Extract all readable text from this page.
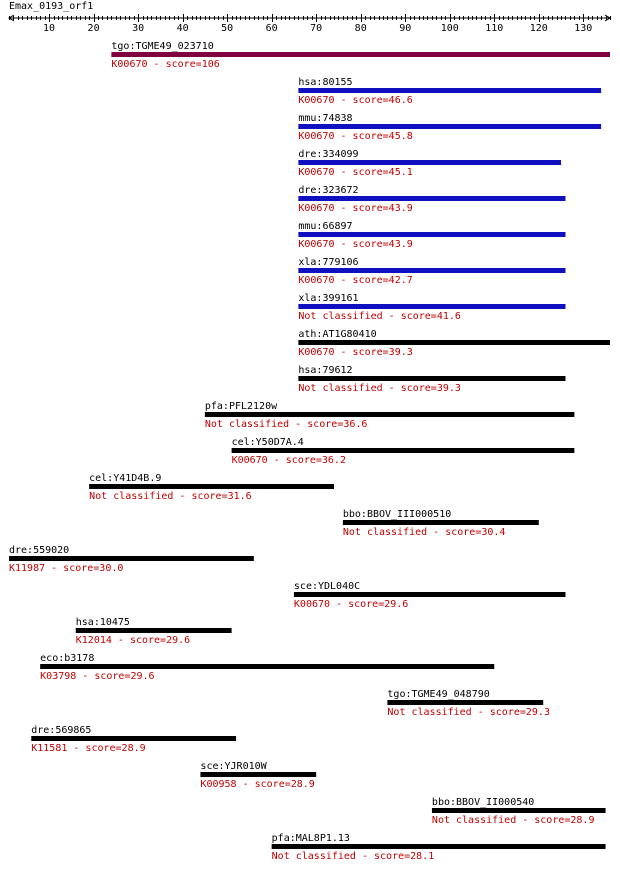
Emax_0193_orf1
10	20	30	40	50	60	70	80	90	100	110	120	130
tgo:TGME49_023710
K00670 - score=106
hsa:80155
K00670 - score=46.6
mmu:74838
K00670 - score=45.8
dre:334099
K00670 - score=45.1
dre:323672
K00670 - score=43.9
mmu:66897
K00670 - score=43.9
xla:779106
K00670 - score=42.7
xla:399161
Not classified - score=41.6
ath:AT1G80410
K00670 - score=39.3
hsa:79612
Not classified - score=39.3
pfa:PFL2120w
Not classified - score=36.6
cel:Y50D7A.4
K00670 - score=36.2
cel:Y41D4B.9
Not classified - score=31.6
bbo:BBOV_III000510
Not classified - score=30.4
dre:559020
K11987 - score=30.0
sce:YDL040C
K00670 - score=29.6
hsa:10475
K12014 - score=29.6
eco:b3178
K03798 - score=29.6
tgo:TGME49_048790
Not classified - score=29.3
dre:569865
K11581 - score=28.9
sce:YJR010W
K00958 - score=28.9
bbo:BBOV_II000540
Not classified - score=28.9
pfa:MAL8P1.13
Not classified - score=28.1
